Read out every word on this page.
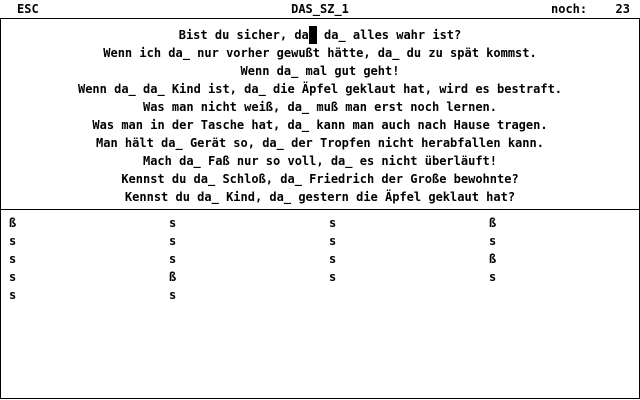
ESC	DAS_SZ_1	noch: 23
Bist du sicher, da_ da_ alles wahr ist?
Wenn ich da_ nur vorher gewußt hätte, da_ du zu spät kommst.
Wenn da_ mal gut geht!
Wenn da_ da_ Kind ist, da_ die Äpfel geklaut hat, wird es bestraft.
Was man nicht weiß, da_ muß man erst noch lernen.
Was man in der Tasche hat, da_ kann man auch nach Hause tragen.
Man hält da_ Gerät so, da_ der Tropfen nicht herabfallen kann.
Mach da_ Faß nur so voll, da_ es nicht überläuft!
Kennst du da_ Schloß, da_ Friedrich der Große bewohnte?
Kennst du da_ Kind, da_ gestern die Äpfel geklaut hat?
ß	s	s	ß
s	s	s	s
s	s	s	ß
s	ß	s	s
s	s
